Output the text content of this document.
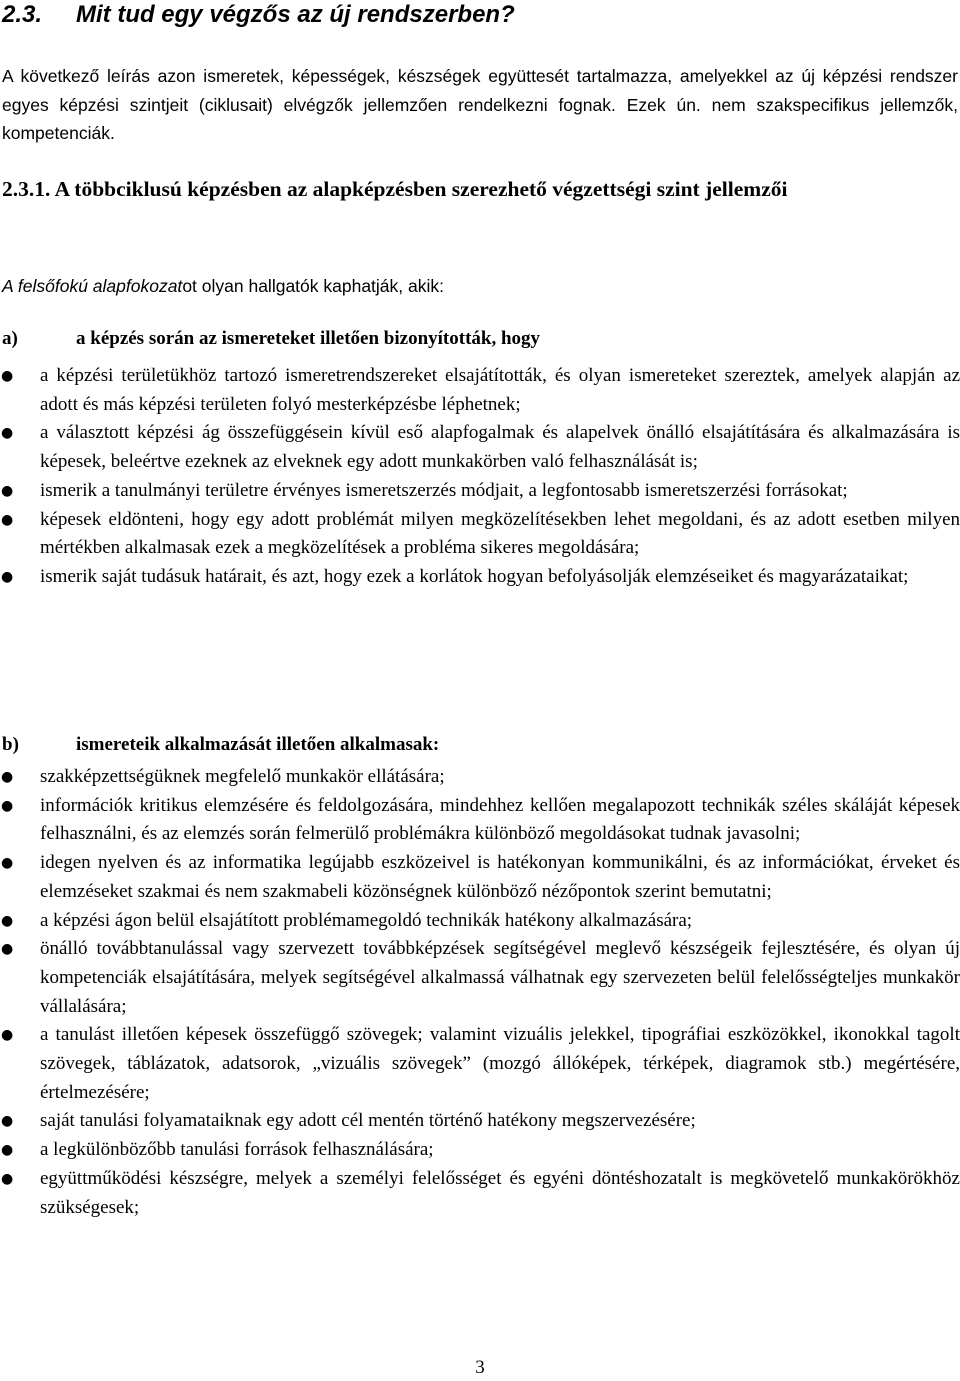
2.3. Mit tud egy végzős az új rendszerben?

A következő leírás azon ismeretek, képességek, készségek együttesét tartalmazza, amelyekkel az új képzési rendszer egyes képzési szintjeit (ciklusait) elvégzők jellemzően rendelkezni fognak. Ezek ún. nem szakspecifikus jellemzők, kompetenciák.

2.3.1. A többciklusú képzésben az alapképzésben szerezhető végzettségi szint jellemzői

A felsőfokú alapfokozatot olyan hallgatók kaphatják, akik:

a)	a képzés során az ismereteket illetően bizonyították, hogy

●	a képzési területükhöz tartozó ismeretrendszereket elsajátították, és olyan ismereteket szereztek, amelyek alapján az adott és más képzési területen folyó mesterképzésbe léphetnek;
●	a választott képzési ág összefüggésein kívül eső alapfogalmak és alapelvek önálló elsajátítására és alkalmazására is képesek, beleértve ezeknek az elveknek egy adott munkakörben való felhasználását is;
●	ismerik a tanulmányi területre érvényes ismeretszerzés módjait, a legfontosabb ismeretszerzési forrásokat;
●	képesek eldönteni, hogy egy adott problémát milyen megközelítésekben lehet megoldani, és az adott esetben milyen mértékben alkalmasak ezek a megközelítések a probléma sikeres megoldására;
●	ismerik saját tudásuk határait, és azt, hogy ezek a korlátok hogyan befolyásolják elemzéseiket és magyarázataikat;

b)	ismereteik alkalmazását illetően alkalmasak:

●	szakképzettségüknek megfelelő munkakör ellátására;
●	információk kritikus elemzésére és feldolgozására, mindehhez kellően megalapozott technikák széles skáláját képesek felhasználni, és az elemzés során felmerülő problémákra különböző megoldásokat tudnak javasolni;
●	idegen nyelven és az informatika legújabb eszközeivel is hatékonyan kommunikálni, és az információkat, érveket és elemzéseket szakmai és nem szakmabeli közönségnek különböző nézőpontok szerint bemutatni;
●	a képzési ágon belül elsajátított problémamegoldó technikák hatékony alkalmazására;
●	önálló továbbtanulással vagy szervezett továbbképzések segítségével meglevő készségeik fejlesztésére, és olyan új kompetenciák elsajátítására, melyek segítségével alkalmassá válhatnak egy szervezeten belül felelősségteljes munkakör vállalására;
●	a tanulást illetően képesek összefüggő szövegek; valamint vizuális jelekkel, tipográfiai eszközökkel, ikonokkal tagolt szövegek, táblázatok, adatsorok, „vizuális szövegek” (mozgó állóképek, térképek, diagramok stb.) megértésére, értelmezésére;
●	saját tanulási folyamataiknak egy adott cél mentén történő hatékony megszervezésére;
●	a legkülönbözőbb tanulási források felhasználására;
●	együttműködési készségre, melyek a személyi felelősséget és egyéni döntéshozatalt is megkövetelő munkakörökhöz szükségesek;

3
